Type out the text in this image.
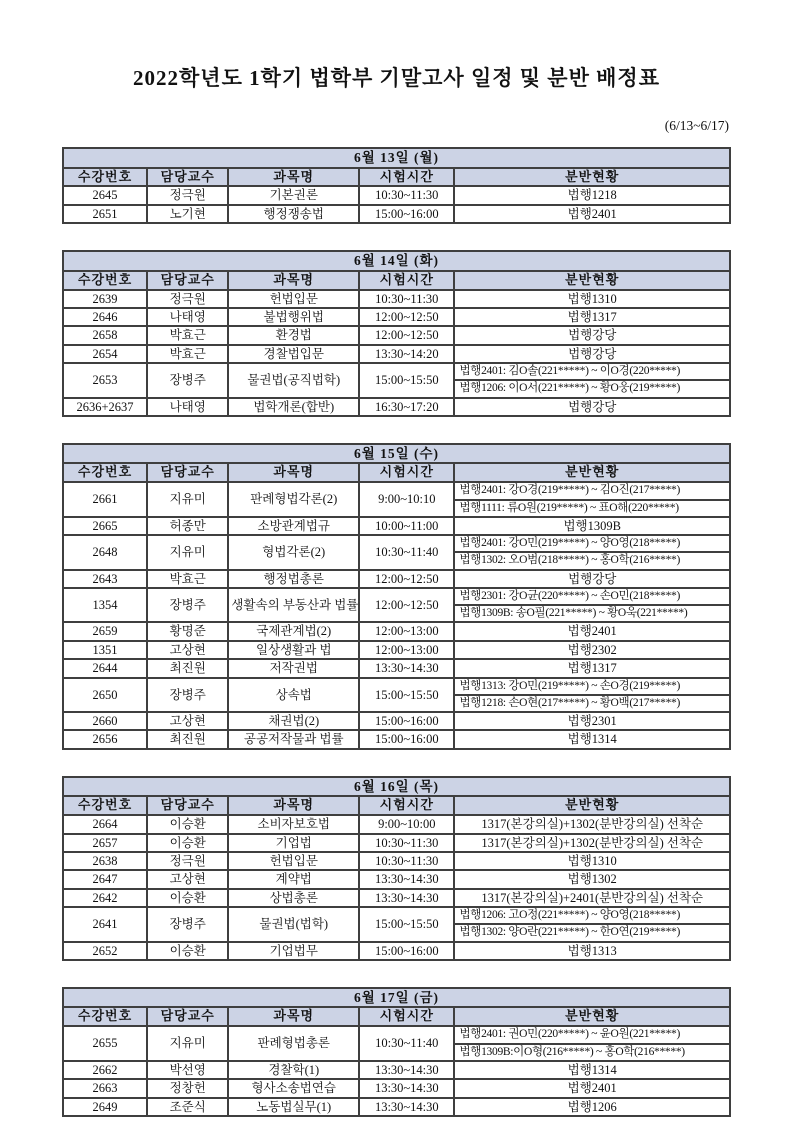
2022학년도 1학기 법학부 기말고사 일정 및 분반 배정표
(6/13~6/17)
6월 13일 (월)				
수강번호	담당교수	과목명	시험시간	분반현황
2645	정극원	기본권론	10:30~11:30	법행1218
2651	노기현	행정쟁송법	15:00~16:00	법행2401
6월 14일 (화)				
수강번호	담당교수	과목명	시험시간	분반현황
2639	정극원	헌법입문	10:30~11:30	법행1310
2646	나태영	불법행위법	12:00~12:50	법행1317
2658	박효근	환경법	12:00~12:50	법행강당
2654	박효근	경찰법입문	13:30~14:20	법행강당
2653	장병주	물권법(공직법학)	15:00~15:50	법행2401: 김O솔(221*****) ~ 이O경(220*****)
				법행1206: 이O서(221*****) ~ 황O웅(219*****)
2636+2637	나태영	법학개론(합반)	16:30~17:20	법행강당
6월 15일 (수)				
수강번호	담당교수	과목명	시험시간	분반현황
2661	지유미	판례형법각론(2)	9:00~10:10	법행2401: 강O경(219*****) ~ 김O진(217*****)
				법행1111: 류O원(219*****) ~ 표O해(220*****)
2665	허종만	소방관계법규	10:00~11:00	법행1309B
2648	지유미	형법각론(2)	10:30~11:40	법행2401: 강O민(219*****) ~ 양O영(218*****)
				법행1302: 오O범(218*****) ~ 홍O학(216*****)
2643	박효근	행정법총론	12:00~12:50	법행강당
1354	장병주	생활속의 부동산과 법률	12:00~12:50	법행2301: 강O균(220*****) ~ 손O민(218*****)
				법행1309B: 송O필(221*****) ~ 황O욱(221*****)
2659	황명준	국제관계법(2)	12:00~13:00	법행2401
1351	고상현	일상생활과 법	12:00~13:00	법행2302
2644	최진원	저작권법	13:30~14:30	법행1317
2650	장병주	상속법	15:00~15:50	법행1313: 강O민(219*****) ~ 손O경(219*****)
				법행1218: 손O현(217*****) ~ 황O백(217*****)
2660	고상현	채권법(2)	15:00~16:00	법행2301
2656	최진원	공공저작물과 법률	15:00~16:00	법행1314
6월 16일 (목)				
수강번호	담당교수	과목명	시험시간	분반현황
2664	이승환	소비자보호법	9:00~10:00	1317(본강의실)+1302(분반강의실) 선착순
2657	이승환	기업법	10:30~11:30	1317(본강의실)+1302(분반강의실) 선착순
2638	정극원	헌법입문	10:30~11:30	법행1310
2647	고상현	계약법	13:30~14:30	법행1302
2642	이승환	상법총론	13:30~14:30	1317(본강의실)+2401(분반강의실) 선착순
2641	장병주	물권법(법학)	15:00~15:50	법행1206: 고O정(221*****) ~ 양O영(218*****)
				법행1302: 양O란(221*****) ~ 한O연(219*****)
2652	이승환	기업법무	15:00~16:00	법행1313
6월 17일 (금)				
수강번호	담당교수	과목명	시험시간	분반현황
2655	지유미	판례형법총론	10:30~11:40	법행2401: 권O민(220*****) ~ 윤O원(221*****)
				법행1309B:이O형(216*****) ~ 홍O학(216*****)
2662	박선영	경찰학(1)	13:30~14:30	법행1314
2663	정창헌	형사소송법연습	13:30~14:30	법행2401
2649	조준식	노동법실무(1)	13:30~14:30	법행1206
